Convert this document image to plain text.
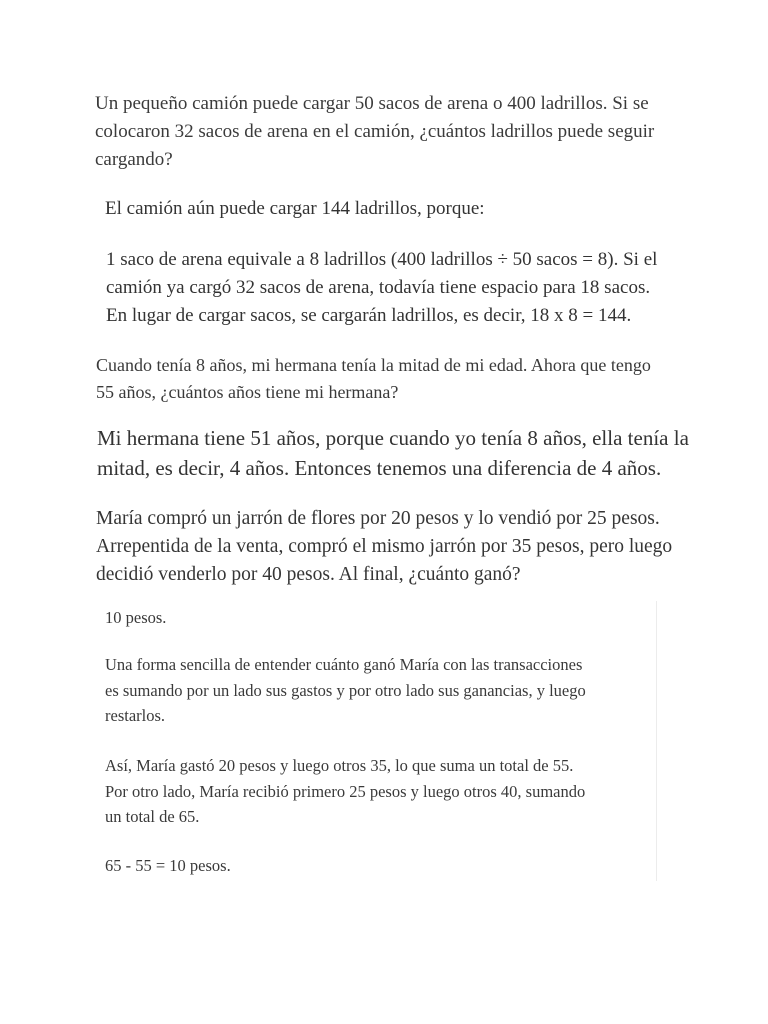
Un pequeño camión puede cargar 50 sacos de arena o 400 ladrillos. Si se
colocaron 32 sacos de arena en el camión, ¿cuántos ladrillos puede seguir
cargando?

El camión aún puede cargar 144 ladrillos, porque:

1 saco de arena equivale a 8 ladrillos (400 ladrillos ÷ 50 sacos = 8). Si el
camión ya cargó 32 sacos de arena, todavía tiene espacio para 18 sacos.
En lugar de cargar sacos, se cargarán ladrillos, es decir, 18 x 8 = 144.

Cuando tenía 8 años, mi hermana tenía la mitad de mi edad. Ahora que tengo
55 años, ¿cuántos años tiene mi hermana?

Mi hermana tiene 51 años, porque cuando yo tenía 8 años, ella tenía la
mitad, es decir, 4 años. Entonces tenemos una diferencia de 4 años.

María compró un jarrón de flores por 20 pesos y lo vendió por 25 pesos.
Arrepentida de la venta, compró el mismo jarrón por 35 pesos, pero luego
decidió venderlo por 40 pesos. Al final, ¿cuánto ganó?

10 pesos.

Una forma sencilla de entender cuánto ganó María con las transacciones
es sumando por un lado sus gastos y por otro lado sus ganancias, y luego
restarlos.

Así, María gastó 20 pesos y luego otros 35, lo que suma un total de 55.
Por otro lado, María recibió primero 25 pesos y luego otros 40, sumando
un total de 65.

65 - 55 = 10 pesos.
